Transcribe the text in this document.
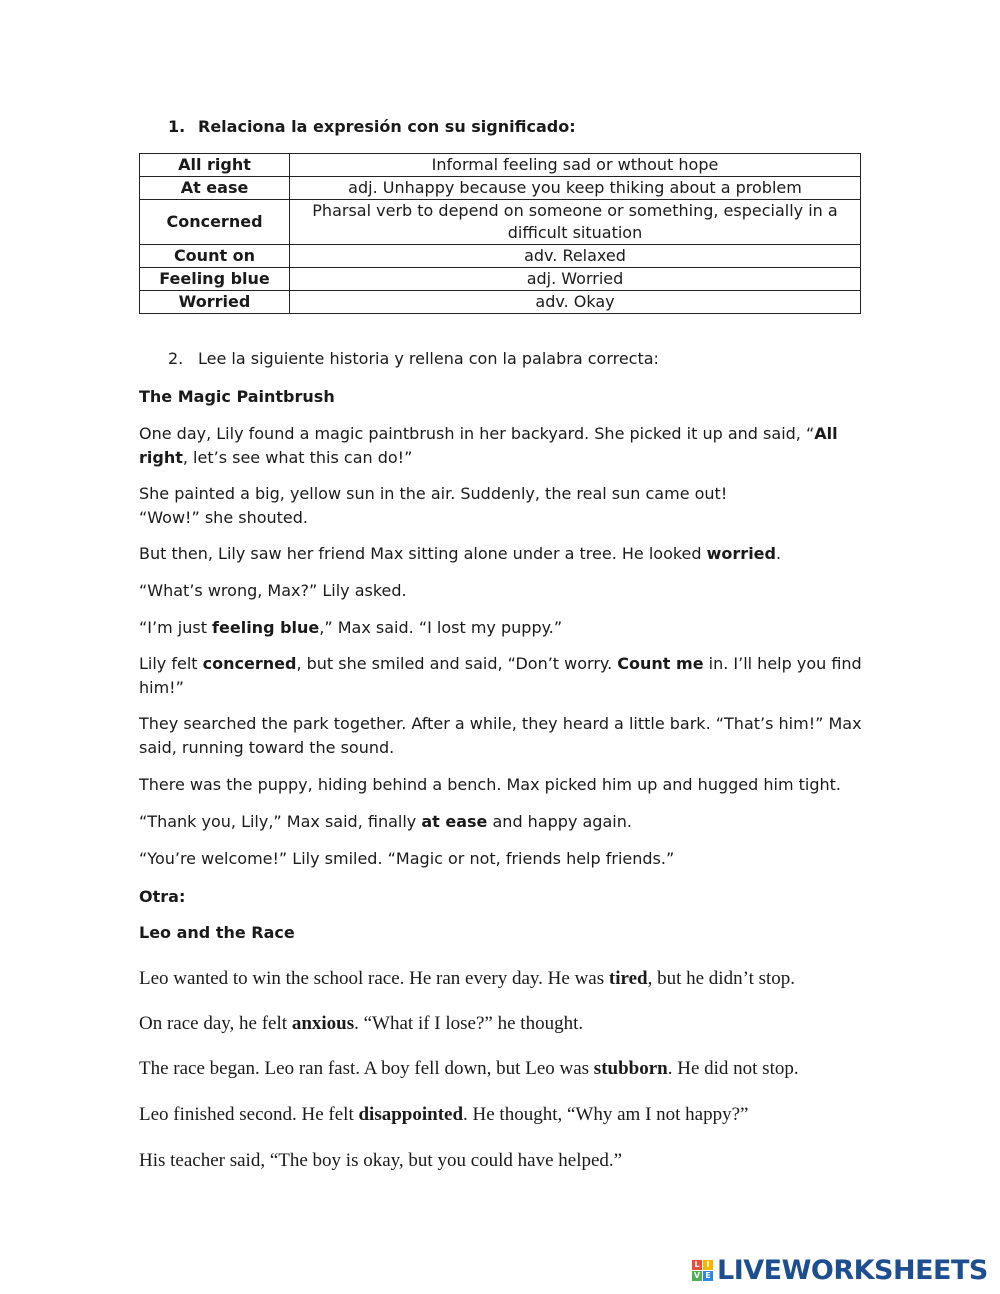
1. Relaciona la expresión con su significado:
All right	Informal feeling sad or wthout hope
At ease	adj. Unhappy because you keep thiking about a problem
Concerned	Pharsal verb to depend on someone or something, especially in a difficult situation
Count on	adv. Relaxed
Feeling blue	adj. Worried
Worried	adv. Okay
2. Lee la siguiente historia y rellena con la palabra correcta:

The Magic Paintbrush

One day, Lily found a magic paintbrush in her backyard. She picked it up and said, “All right, let’s see what this can do!”

She painted a big, yellow sun in the air. Suddenly, the real sun came out!
“Wow!” she shouted.

But then, Lily saw her friend Max sitting alone under a tree. He looked worried.

“What’s wrong, Max?” Lily asked.

“I’m just feeling blue,” Max said. “I lost my puppy.”

Lily felt concerned, but she smiled and said, “Don’t worry. Count me in. I’ll help you find him!”

They searched the park together. After a while, they heard a little bark. “That’s him!” Max said, running toward the sound.

There was the puppy, hiding behind a bench. Max picked him up and hugged him tight.

“Thank you, Lily,” Max said, finally at ease and happy again.

“You’re welcome!” Lily smiled. “Magic or not, friends help friends.”

Otra:

Leo and the Race

Leo wanted to win the school race. He ran every day. He was tired, but he didn’t stop.

On race day, he felt anxious. “What if I lose?” he thought.

The race began. Leo ran fast. A boy fell down, but Leo was stubborn. He did not stop.

Leo finished second. He felt disappointed. He thought, “Why am I not happy?”

His teacher said, “The boy is okay, but you could have helped.”

L I
V E LIVEWORKSHEETS
